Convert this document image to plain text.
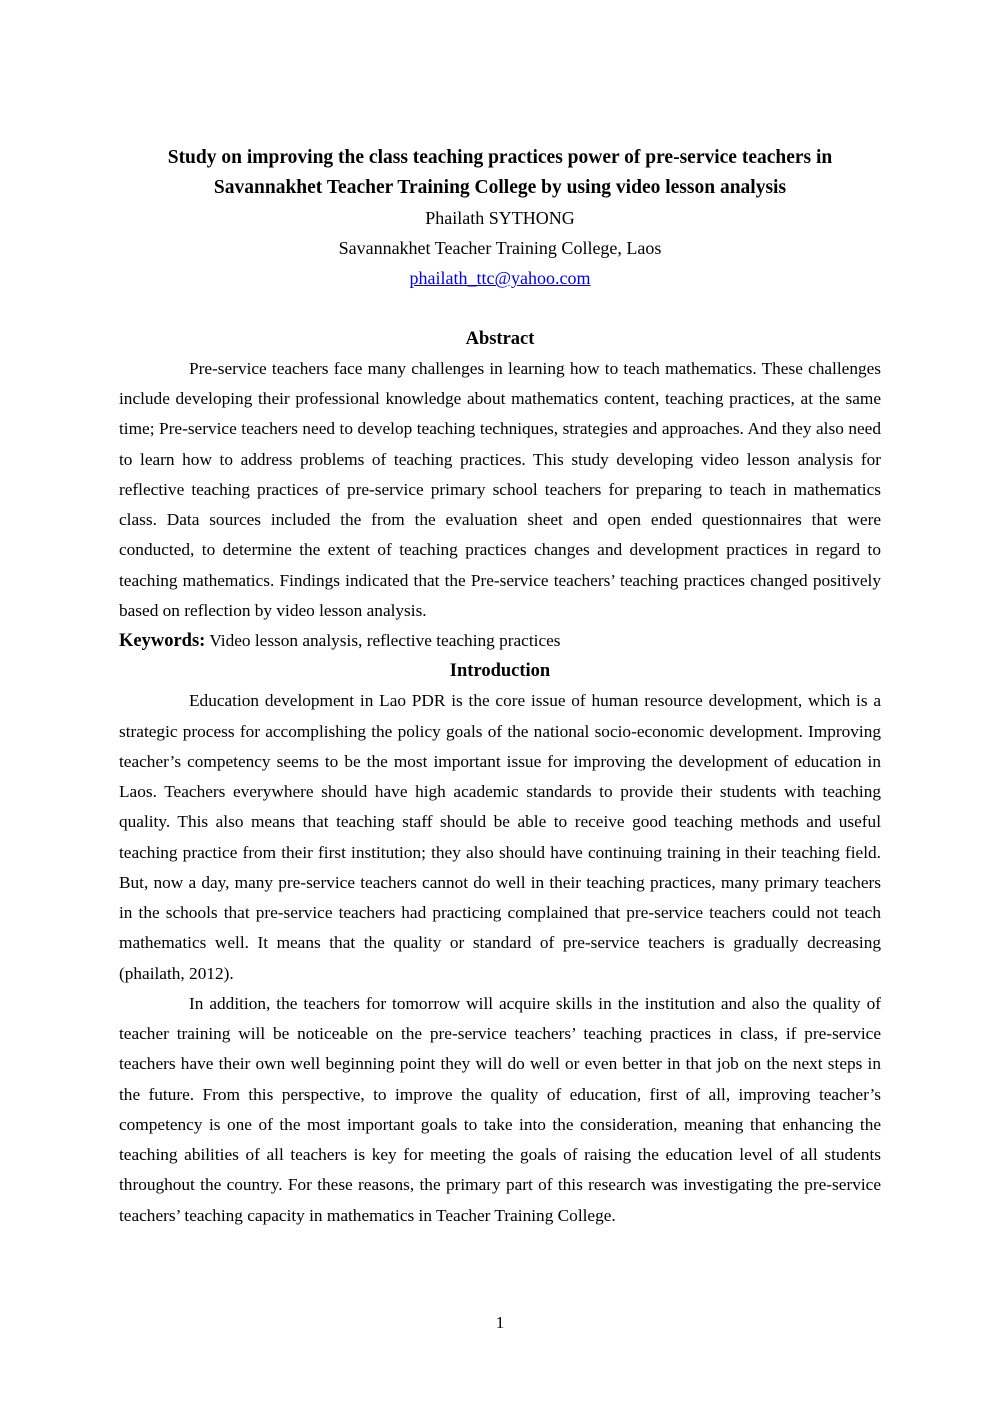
Study on improving the class teaching practices power of pre-service teachers in
Savannakhet Teacher Training College by using video lesson analysis

Phailath SYTHONG

Savannakhet Teacher Training College, Laos

phailath_ttc@yahoo.com

Abstract

Pre-service teachers face many challenges in learning how to teach mathematics. These challenges include developing their professional knowledge about mathematics content, teaching practices, at the same time; Pre-service teachers need to develop teaching techniques, strategies and approaches. And they also need to learn how to address problems of teaching practices. This study developing video lesson analysis for reflective teaching practices of pre-service primary school teachers for preparing to teach in mathematics class. Data sources included the from the evaluation sheet and open ended questionnaires that were conducted, to determine the extent of teaching practices changes and development practices in regard to teaching mathematics. Findings indicated that the Pre-service teachers’ teaching practices changed positively based on reflection by video lesson analysis.

Keywords: Video lesson analysis, reflective teaching practices

Introduction

Education development in Lao PDR is the core issue of human resource development, which is a strategic process for accomplishing the policy goals of the national socio-economic development. Improving teacher’s competency seems to be the most important issue for improving the development of education in Laos. Teachers everywhere should have high academic standards to provide their students with teaching quality. This also means that teaching staff should be able to receive good teaching methods and useful teaching practice from their first institution; they also should have continuing training in their teaching field. But, now a day, many pre-service teachers cannot do well in their teaching practices, many primary teachers in the schools that pre-service teachers had practicing complained that pre-service teachers could not teach mathematics well. It means that the quality or standard of pre-service teachers is gradually decreasing (phailath, 2012).

In addition, the teachers for tomorrow will acquire skills in the institution and also the quality of teacher training will be noticeable on the pre-service teachers’ teaching practices in class, if pre-service teachers have their own well beginning point they will do well or even better in that job on the next steps in the future. From this perspective, to improve the quality of education, first of all, improving teacher’s competency is one of the most important goals to take into the consideration, meaning that enhancing the teaching abilities of all teachers is key for meeting the goals of raising the education level of all students throughout the country. For these reasons, the primary part of this research was investigating the pre-service teachers’ teaching capacity in mathematics in Teacher Training College.

1
